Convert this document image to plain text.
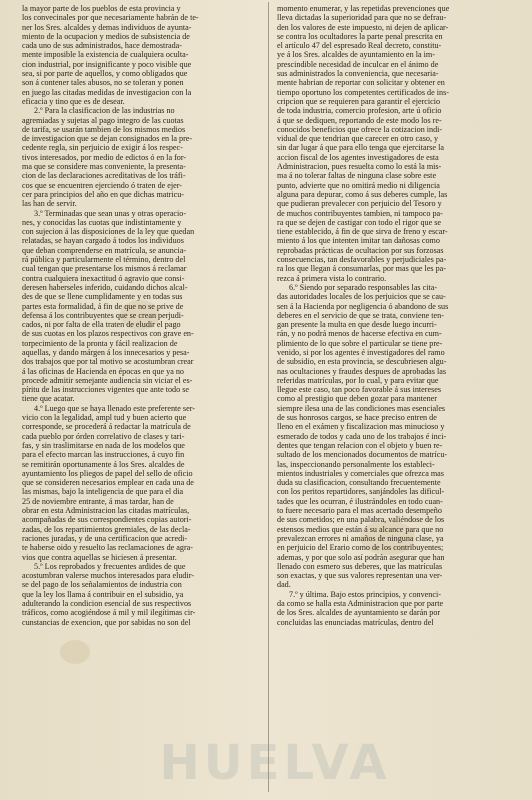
la mayor parte de los pueblos de esta provincia y

los convecinales por que necesariamente habrán de te-

ner los Sres. alcaldes y demas individuos de ayunta-

miento de la ocupacion y medios de subsistencia de

cada uno de sus administrados, hace demostrada-

mente imposible la existencia de cualquiera oculta-

cion industrial, por insignificante y poco visible que

sea, si por parte de aquellos, y como obligados que

son á contener tales abusos, no se toleran y ponen

en juego las citadas medidas de investigacion con la

eficacia y tino que es de desear.

2.º Para la clasificacion de las industrias no

agremiadas y sujetas al pago integro de las cuotas

de tarifa, se usarán tambien de los mismos medios

de investigacion que se dejan consignados en la pre-

cedente regla, sin perjuicio de exigir á los respec-

tivos interesados, por medio de edictos ó en la for-

ma que se considere mas conveniente, la presenta-

cion de las declaraciones acreditativas de los tráfi-

cos que se encuentren ejerciendo ó traten de ejer-

cer para principios del año en que dichas matricu-

las han de servir.

3.º Terminadas que sean unas y otras operacio-

nes, y conocidas las cuotas que indistintamente y

con sujecion á las disposiciones de la ley que quedan

relatadas, se hayan cargado á todos los individuos

que deban comprenderse en matrícula, se anuncia-

rá pública y particularmente el término, dentro del

cual tengan que presentarse los mismos á reclamar

contra cualquiera inexactitud ó agravio que consi-

deresen haberseles inferido, cuidando dichos alcal-

des de que se llene cumplidamente y en todas sus

partes esta formalidad, á fin de que no se prive de

defensa á los contribuyentes que se crean perjudi-

cados, ni por falta de ella traten de eludir el pago

de sus cuotas en los plazos respectivos con grave en-

torpecimiento de la pronta y fácil realizacion de

aquellas, y dando márgen á los innecesarios y pesa-

dos trabajos que por tal motivo se acostumbran crear

á las oficinas de Hacienda en épocas en que ya no

procede admitir semejante audiencia sin viciar el es-

píritu de las instrucciones vigentes que ante todo se

tiene que acatar.

4.º Luego que se haya llenado este preferente ser-

vicio con la legalidad, ampl tud y buen acierto que

corresponde, se procederá á redactar la matrícula de

cada pueblo por órden correlativo de clases y tari-

fas, y sin traslimitarse en nada de los modelos que

para el efecto marcan las instrucciones, á cuyo fin

se remitirán oportunamente á los Sres. alcaldes de

ayuntamiento los pliegos de papel del sello de oficio

que se consideren necesarios emplear en cada una de

las mismas, bajo la inteligencia de que para el dia

25 de noviembre entrante, á mas tardar, han de

obrar en esta Administracion las citadas matrículas,

acompañadas de sus correspondientes copias autori-

zadas, de los repartimientos gremiales, de las decla-

raciones juradas, y de una certificacion que acredi-

te haberse oido y resuelto las reclamaciones de agra-

vios que contra aquellas se hiciesen á presentar.

5.º Los reprobados y frecuentes ardides de que

acostumbran valerse muchos interesados para eludir-

se del pago de los señalamientos de industria con

que la ley los llama á contribuir en el subsidio, ya

adulterando la condicion esencial de sus respectivos

tráficos, como acogiéndose á mil y mil ilegítimas cir-

cunstancias de exencion, que por sabidas no son del

momento enumerar, y las repetidas prevenciones que

lleva dictadas la superioridad para que no se defrau-

den los valores de este impuesto, ni dejen de aplicar-

se contra los ocultadores la parte penal prescrita en

el artículo 47 del espresado Real decreto, constitu-

ye á los Sres. alcaldes de ayuntamiento en la im-

prescindible necesidad de inculcar en el ánimo de

sus administrados la conveniencia, que necesaria-

mente habrian de reportar con solicitar y obtener en

tiempo oportuno los competentes certificados de ins-

cripcion que se requieren para garantir el ejercicio

de toda industria, comercio profesion, arte ú oficio

á que se dediquen, reportando de este modo los re-

conocidos beneficios que ofrece la cotizacion indi-

vidual de que tendrian que carecer en otro caso, y

sin dar lugar á que para ello tenga que ejercitarse la

accion fiscal de los agentes investigadores de esta

Administracion, pues resuelta como lo está la mis-

ma á no tolerar faltas de ninguna clase sobre este

punto, advierte que no omitirá medio ni diligencia

alguna para depurar, como á sus deberes cumple, las

que pudieran prevalecer con perjuicio del Tesoro y

de muchos contribuyentes tambien, ni tampoco pa-

ra que se dejen de castigar con todo el rigor que se

tiene establecido, á fin de que sirva de freno y escar-

miento á los que intenten imitar tan dañosas como

reprobadas prácticas de ocultacion por sus forzosas

consecuencias, tan desfavorables y perjudiciales pa-

ra los que llegan á consumarlas, por mas que les pa-

rezca á primera vista lo contrario.

6.º Siendo por separado responsables las cita-

das autoridades locales de los perjuicios que se cau-

sen á la Hacienda por negligencia ó abandono de sus

deberes en el servicio de que se trata, conviene ten-

gan presente la multa en que desde luego incurri-

rán, y no podrá menos de hacerse efectiva en cum-

plimiento de lo que sobre el particular se tiene pre-

venido, si por los agentes é investigadores del ramo

de subsidio, en esta provincia, se descubriesen algu-

nas ocultaciones y fraudes despues de aprobadas las

referidas matrículas, por lo cual, y para evitar que

llegue este caso, tan poco favorable á sus intereses

como al prestigio que deben gozar para mantener

siempre ilesa una de las condiciones mas esenciales

de sus honrosos cargos, se hace preciso entren de

lleno en el exámen y fiscalizacion mas minucioso y

esmerado de todos y cada uno de los trabajos é inci-

dentes que tengan relacion con el objeto y buen re-

sultado de los mencionados documentos de matrícu-

las, inspeccionando personalmente los estableci-

mientos industriales y comerciales que ofrezca mas

duda su clasificacion, consultando frecuentemente

con los peritos repartidores, sanjándoles las dificul-

tades que les ocurran, é ilustrándoles en todo cuan-

to fuere necesario para el mas acertado desempeño

de sus cometidos; en una palabra, valiéndose de los

estensos medios que están á su alcance para que no

prevalezcan errores ni amaños de ninguna clase, ya

en perjuicio del Erario como de los contribuyentes;

ademas, y por que solo así podrán asegurar que han

llenado con esmero sus deberes, que las matrículas

son exactas, y que sus valores representan una ver-

dad.

7.º y última. Bajo estos principios, y convenci-

da como se halla esta Administracion que por parte

de los Sres. alcaldes de ayuntamiento se darán por

concluidas las enunciadas matrículas, dentro del

HUELVA
